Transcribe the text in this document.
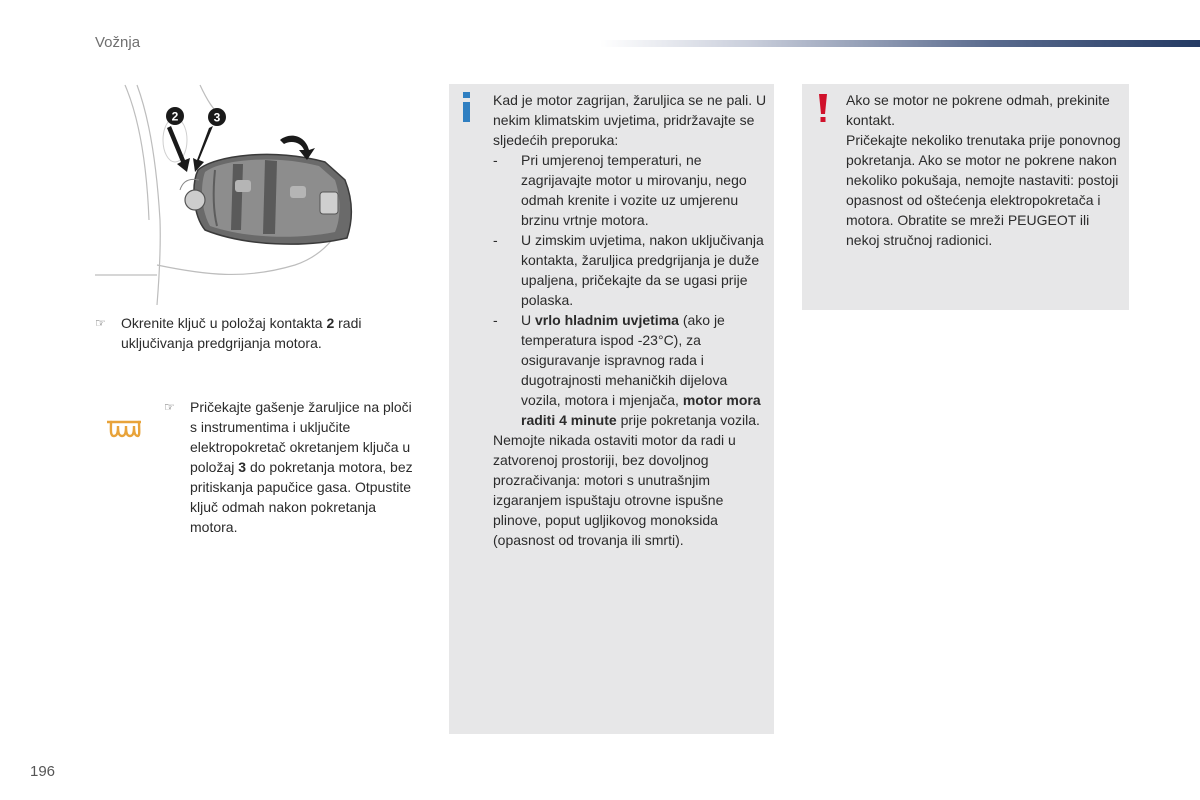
Vožnja
2	3
☞	Okrenite ključ u položaj kontakta 2 radi uključivanja predgrijanja motora.
☞	Pričekajte gašenje žaruljice na ploči s instrumentima i uključite elektropokretač okretanjem ključa u položaj 3 do pokretanja motora, bez pritiskanja papučice gasa. Otpustite ključ odmah nakon pokretanja motora.

Kad je motor zagrijan, žaruljica se ne pali. U nekim klimatskim uvjetima, pridržavajte se sljedećih preporuka:

-	Pri umjerenoj temperaturi, ne zagrijavajte motor u mirovanju, nego odmah krenite i vozite uz umjerenu brzinu vrtnje motora.
-	U zimskim uvjetima, nakon uključivanja kontakta, žaruljica predgrijanja je duže upaljena, pričekajte da se ugasi prije polaska.
-	U vrlo hladnim uvjetima (ako je temperatura ispod -23°C), za osiguravanje ispravnog rada i dugotrajnosti mehaničkih dijelova vozila, motora i mjenjača, motor mora raditi 4 minute prije pokretanja vozila.

Nemojte nikada ostaviti motor da radi u zatvorenoj prostoriji, bez dovoljnog prozračivanja: motori s unutrašnjim izgaranjem ispuštaju otrovne ispušne plinove, poput ugljikovog monoksida (opasnost od trovanja ili smrti).

Ako se motor ne pokrene odmah, prekinite kontakt.

Pričekajte nekoliko trenutaka prije ponovnog pokretanja. Ako se motor ne pokrene nakon nekoliko pokušaja, nemojte nastaviti: postoji opasnost od oštećenja elektropokretača i motora. Obratite se mreži PEUGEOT ili nekoj stručnoj radionici.

196
